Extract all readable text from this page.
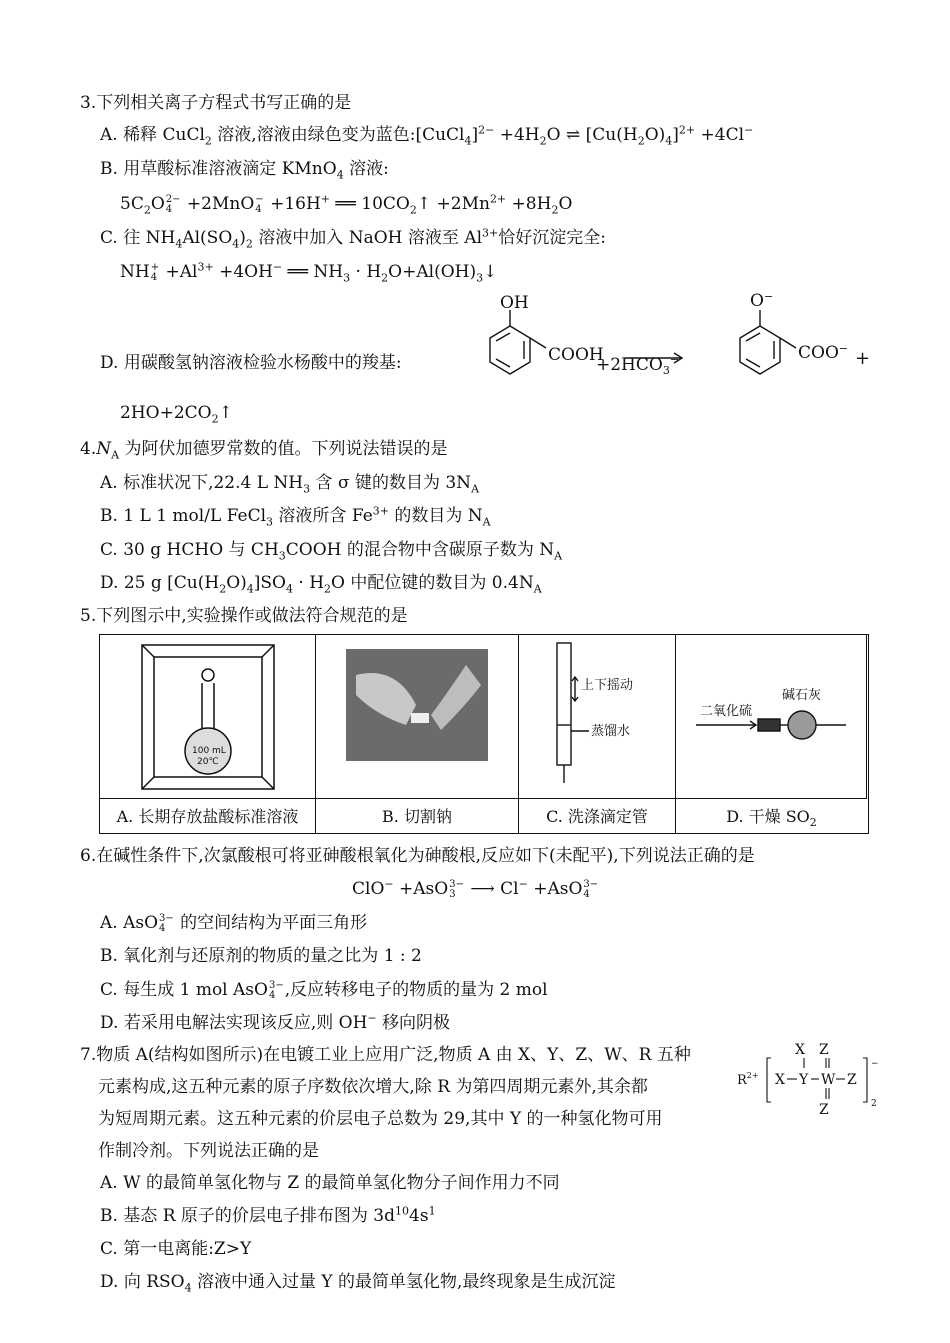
3.下列相关离子方程式书写正确的是
A. 稀释 CuCl$_2$ 溶液,溶液由绿色变为蓝色:[CuCl$_4$]$^{2-}$ $+4H_2O$ ⇌ $[Cu(H_2O)_4]^{2+} +4Cl^-$
B. 用草酸标准溶液滴定 KMnO$_4$ 溶液:
$5C_2O$ 2−
4 +2MnO −
4 +16H+ ══ $10CO_2↑ +2Mn^{2+} +8H_2O$
C. 往 $NH_4Al(SO_4)_2$ 溶液中加入 NaOH 溶液至 $Al^{3+}$恰好沉淀完全:
NH +
$4 +Al^{3+} +4OH^-$ ══ $NH_3$ · $H_2O+Al(OH)_3↓$
D. 用碳酸氢钠溶液检验水杨酸中的羧基:
OH
COOH
$+2HCO_3^-$
O−
COO− +
$2HO+2CO_2↑$
$4.N_A$ 为阿伏加德罗常数的值。下列说法错误的是
A. 标准状况下,22.4 L $NH_3$ 含 σ 键的数目为 $3N_A$
B. 1 L 1 mol/L FeCl$_3$ 溶液所含 $Fe^{3+}$ 的数目为 $N_A$
C. 30 g HCHO 与 $CH_3COOH$ 的混合物中含碳原子数为 $N_A$
D. 25 g $[Cu(H_2O)_4]SO_4 \cdot H_2O$ 中配位键的数目为 $0.4N_A$
5.下列图示中,实验操作或做法符合规范的是
100 mL
20℃
上下摇动
蒸馏水
二氧化硫
碱石灰
A. 长期存放盐酸标准溶液	B. 切割钠	C. 洗涤滴定管	D. 干燥 $SO_2$
6.在碱性条件下,次氯酸根可将亚砷酸根氧化为砷酸根,反应如下(未配平),下列说法正确的是
ClO− +AsO 3−
3 ⟶ Cl− +AsO 3−
4
A. AsO 3−
4 的空间结构为平面三角形
B. 氧化剂与还原剂的物质的量之比为 1 : 2
C. 每生成 1 mol AsO 3−
4 ,反应转移电子的物质的量为 2 mol
D. 若采用电解法实现该反应,则 OH− 移向阴极
7.物质 A(结构如图所示)在电镀工业上应用广泛,物质 A 由 X、Y、Z、W、R 五种
元素构成,这五种元素的原子序数依次增大,除 R 为第四周期元素外,其余都
为短周期元素。这五种元素的价层电子总数为 29,其中 Y 的一种氢化物可用
作制冷剂。下列说法正确的是
$R^{2+}$ X Y W Z
X Z
Z
−
2
A. W 的最简单氢化物与 Z 的最简单氢化物分子间作用力不同
B. 基态 R 原子的价层电子排布图为 $3d^{10}4s^1$
C. 第一电离能:Z>Y
D. 向 $RSO_4$ 溶液中通入过量 Y 的最简单氢化物,最终现象是生成沉淀
